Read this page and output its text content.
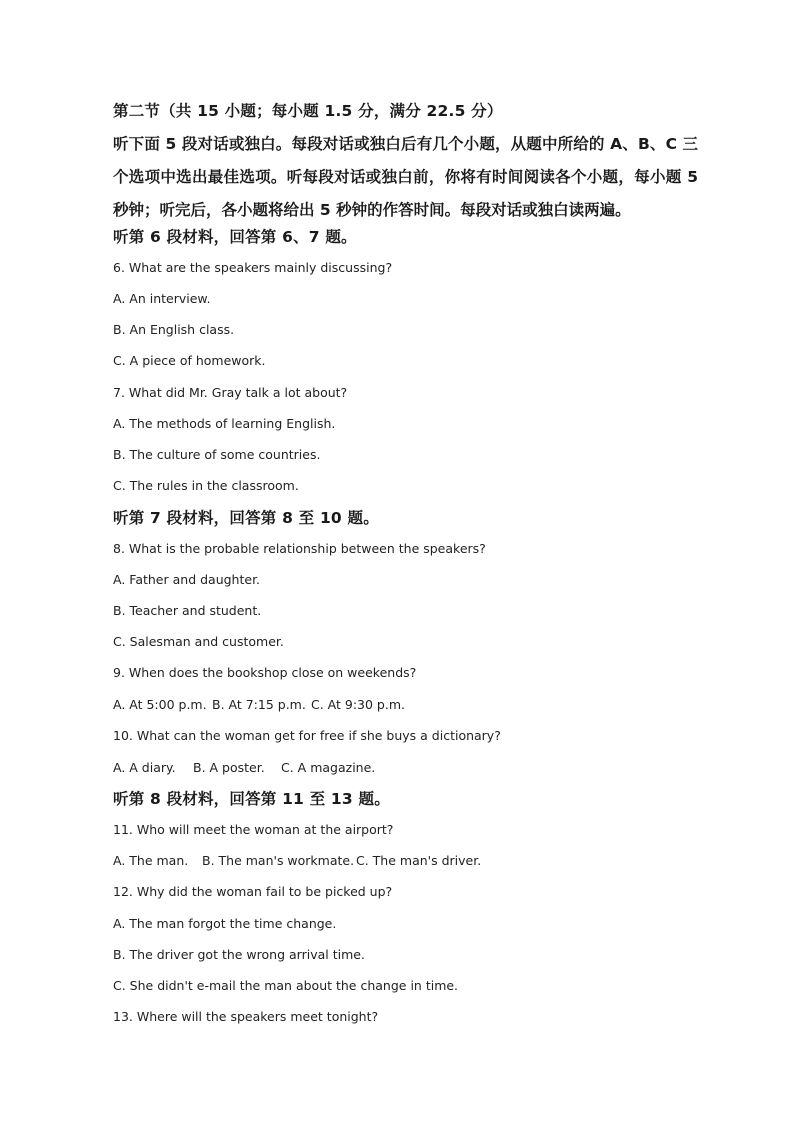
第二节（共 15 小题；每小题 1.5 分，满分 22.5 分）
听下面 5 段对话或独白。每段对话或独白后有几个小题，从题中所给的 A、B、C 三个选项中选出最佳选项。听每段对话或独白前，你将有时间阅读各个小题，每小题 5 秒钟；听完后，各小题将给出 5 秒钟的作答时间。每段对话或独白读两遍。
听第 6 段材料，回答第 6、7 题。
6. What are the speakers mainly discussing?
A. An interview.
B. An English class.
C. A piece of homework.
7. What did Mr. Gray talk a lot about?
A. The methods of learning English.
B. The culture of some countries.
C. The rules in the classroom.
听第 7 段材料，回答第 8 至 10 题。
8. What is the probable relationship between the speakers?
A. Father and daughter.
B. Teacher and student.
C. Salesman and customer.
9. When does the bookshop close on weekends?
A. At 5:00 p.m. B. At 7:15 p.m. C. At 9:30 p.m.
10. What can the woman get for free if she buys a dictionary?
A. A diary. B. A poster. C. A magazine.
听第 8 段材料，回答第 11 至 13 题。
11. Who will meet the woman at the airport?
A. The man. B. The man's workmate. C. The man's driver.
12. Why did the woman fail to be picked up?
A. The man forgot the time change.
B. The driver got the wrong arrival time.
C. She didn't e-mail the man about the change in time.
13. Where will the speakers meet tonight?
